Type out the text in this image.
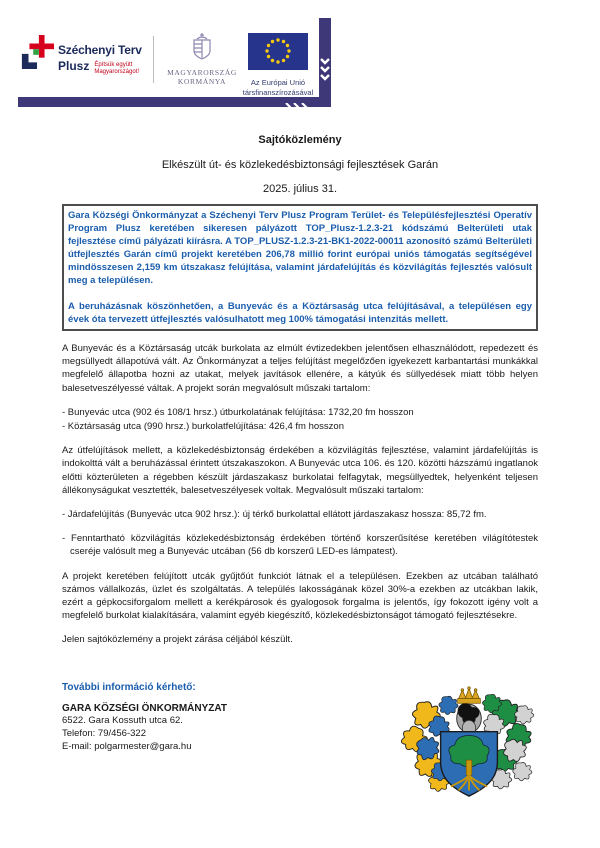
Széchenyi Terv
Plusz Építsük együtt
Magyarországot!	MAGYARORSZÁG
KORMÁNYA	Az Európai Unió
társfinanszírozásával
Sajtóközlemény
Elkészült út- és közlekedésbiztonsági fejlesztések Garán
2025. július 31.

Gara Községi Önkormányzat a Széchenyi Terv Plusz Program Terület- és Településfejlesztési Operatív Program Plusz keretében sikeresen pályázott TOP_Plusz-1.2.3-21 kódszámú Belterületi utak fejlesztése című pályázati kiírásra. A TOP_PLUSZ-1.2.3-21-BK1-2022-00011 azonosító számú Belterületi útfejlesztés Garán című projekt keretében 206,78 millió forint európai uniós támogatás segítségével mindösszesen 2,159 km útszakasz felújítása, valamint járdafelújítás és közvilágítás fejlesztés valósult meg a településen.

A beruházásnak köszönhetően, a Bunyevác és a Köztársaság utca felújításával, a településen egy évek óta tervezett útfejlesztés valósulhatott meg 100% támogatási intenzitás mellett.

A Bunyevác és a Köztársaság utcák burkolata az elmúlt évtizedekben jelentősen elhasználódott, repedezett és megsüllyedt állapotúvá vált. Az Önkormányzat a teljes felújítást megelőzően igyekezett karbantartási munkákkal megfelelő állapotba hozni az utakat, melyek javítások ellenére, a kátyúk és süllyedések miatt több helyen balesetveszélyessé váltak. A projekt során megvalósult műszaki tartalom:

- Bunyevác utca (902 és 108/1 hrsz.) útburkolatának felújítása: 1732,20 fm hosszon
- Köztársaság utca (990 hrsz.) burkolatfelújítása: 426,4 fm hosszon

Az útfelújítások mellett, a közlekedésbiztonság érdekében a közvilágítás fejlesztése, valamint járdafelújítás is indokolttá vált a beruházással érintett útszakaszokon. A Bunyevác utca 106. és 120. közötti házszámú ingatlanok előtti közterületen a régebben készült járdaszakasz burkolatai felfagytak, megsüllyedtek, helyenként teljesen állékonyságukat vesztették, balesetveszélyesek voltak. Megvalósult műszaki tartalom:

- Járdafelújítás (Bunyevác utca 902 hrsz.): új térkő burkolattal ellátott járdaszakasz hossza: 85,72 fm.
- Fenntartható közvilágítás közlekedésbiztonság érdekében történő korszerűsítése keretében világítótestek cseréje valósult meg a Bunyevác utcában (56 db korszerű LED-es lámpatest).

A projekt keretében felújított utcák gyűjtőút funkciót látnak el a településen. Ezekben az utcában található számos vállalkozás, üzlet és szolgáltatás. A település lakosságának közel 30%-a ezekben az utcákban lakik, ezért a gépkocsiforgalom mellett a kerékpárosok és gyalogosok forgalma is jelentős, így fokozott igény volt a megfelelő burkolat kialakítására, valamint egyéb kiegészítő, közlekedésbiztonságot támogató fejlesztésekre.

Jelen sajtóközlemény a projekt zárása céljából készült.

További információ kérhető:
GARA KÖZSÉGI ÖNKORMÁNYZAT
6522. Gara Kossuth utca 62.
Telefon: 79/456-322
E-mail: polgarmester@gara.hu
